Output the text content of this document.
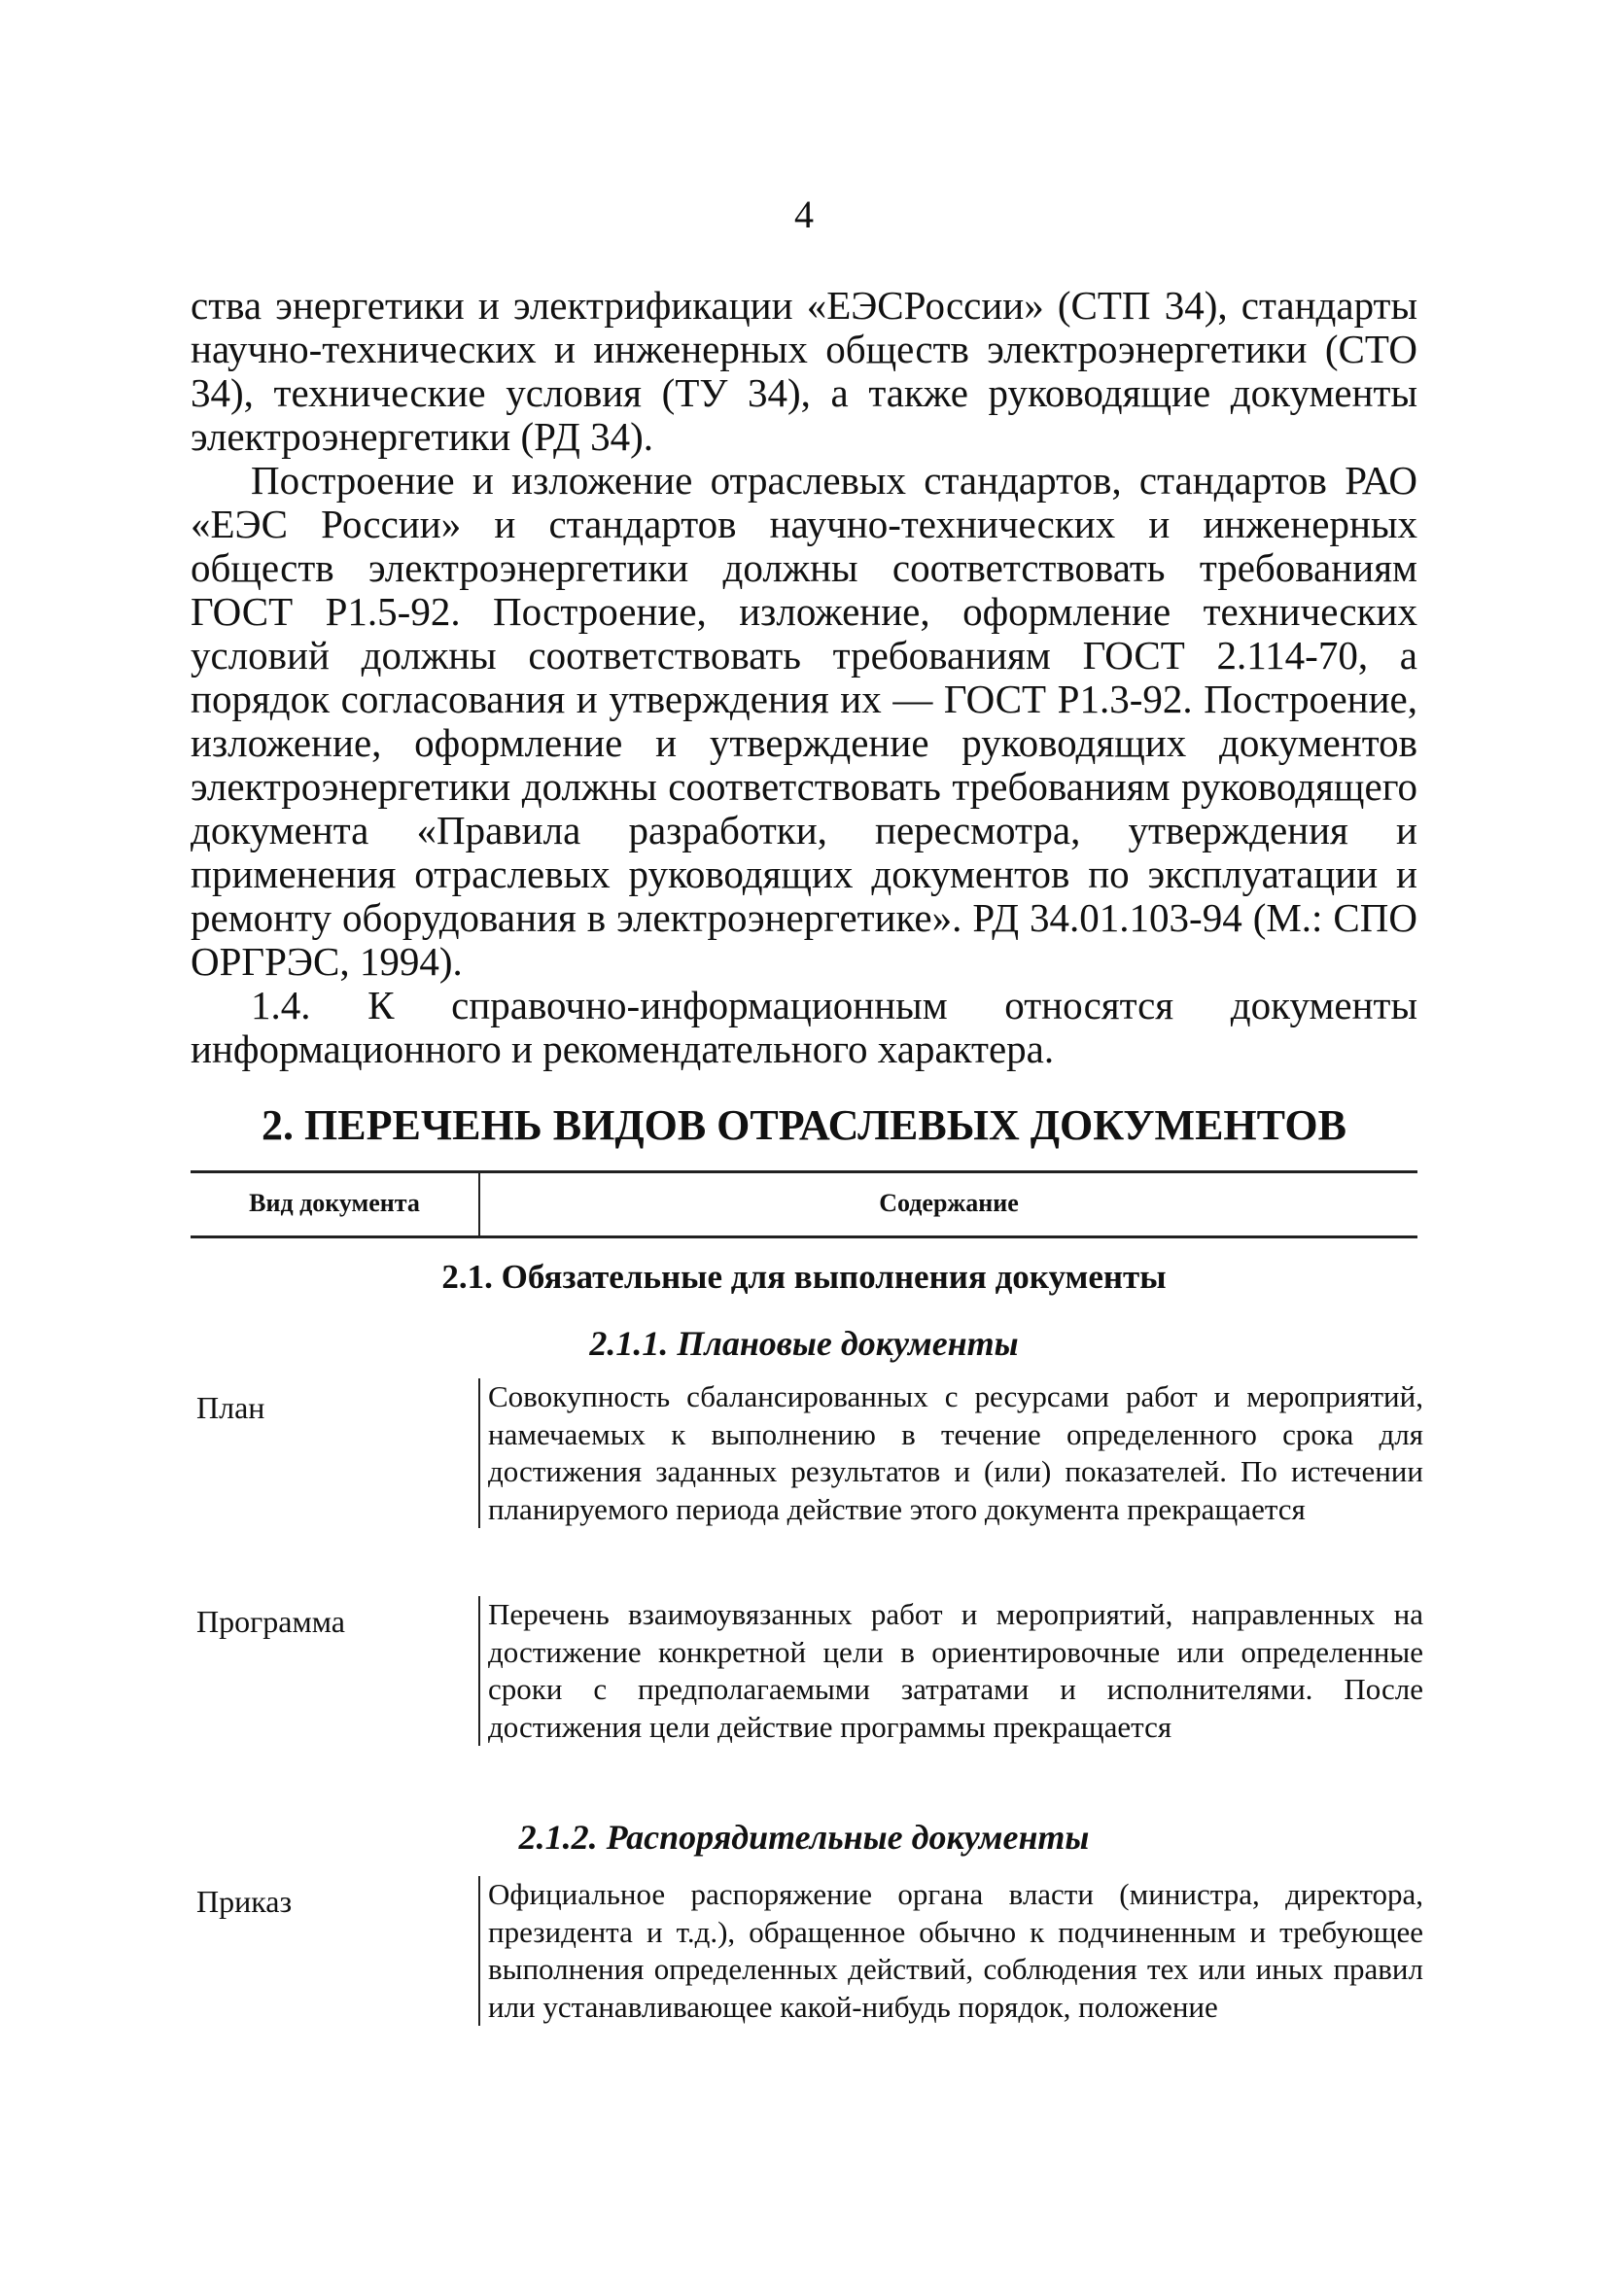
4

ства энергетики и электрификации «ЕЭСРоссии» (СТП 34), стандарты научно-технических и инженерных обществ электроэнергетики (СТО 34), технические условия (ТУ 34), а также руководящие документы электроэнергетики (РД 34).

Построение и изложение отраслевых стандартов, стандартов РАО «ЕЭС России» и стандартов научно-технических и инженерных обществ электроэнергетики должны соответствовать требованиям ГОСТ Р1.5-92. Построение, изложение, оформление технических условий должны соответствовать требованиям ГОСТ 2.114-70, а порядок согласования и утверждения их — ГОСТ Р1.3-92. Построение, изложение, оформление и утверждение руководящих документов электроэнергетики должны соответствовать требованиям руководящего документа «Правила разработки, пересмотра, утверждения и применения отраслевых руководящих документов по эксплуатации и ремонту оборудования в электроэнергетике». РД 34.01.103-94 (М.: СПО ОРГРЭС, 1994).

1.4. К справочно-информационным относятся документы информационного и рекомендательного характера.

2. ПЕРЕЧЕНЬ ВИДОВ ОТРАСЛЕВЫХ ДОКУМЕНТОВ
Вид документа	Содержание
2.1. Обязательные для выполнения документы
2.1.1. Плановые документы
План	Совокупность сбалансированных с ресурсами работ и мероприятий, намечаемых к выполнению в течение определенного срока для достижения заданных результатов и (или) показателей. По истечении планируемого периода действие этого документа прекращается
Программа	Перечень взаимоувязанных работ и мероприятий, направленных на достижение конкретной цели в ориентировочные или определенные сроки с предполагаемыми затратами и исполнителями. После достижения цели действие программы прекращается
2.1.2. Распорядительные документы
Приказ	Официальное распоряжение органа власти (министра, директора, президента и т.д.), обращенное обычно к подчиненным и требующее выполнения определенных действий, соблюдения тех или иных правил или устанавливающее какой-нибудь порядок, положение
